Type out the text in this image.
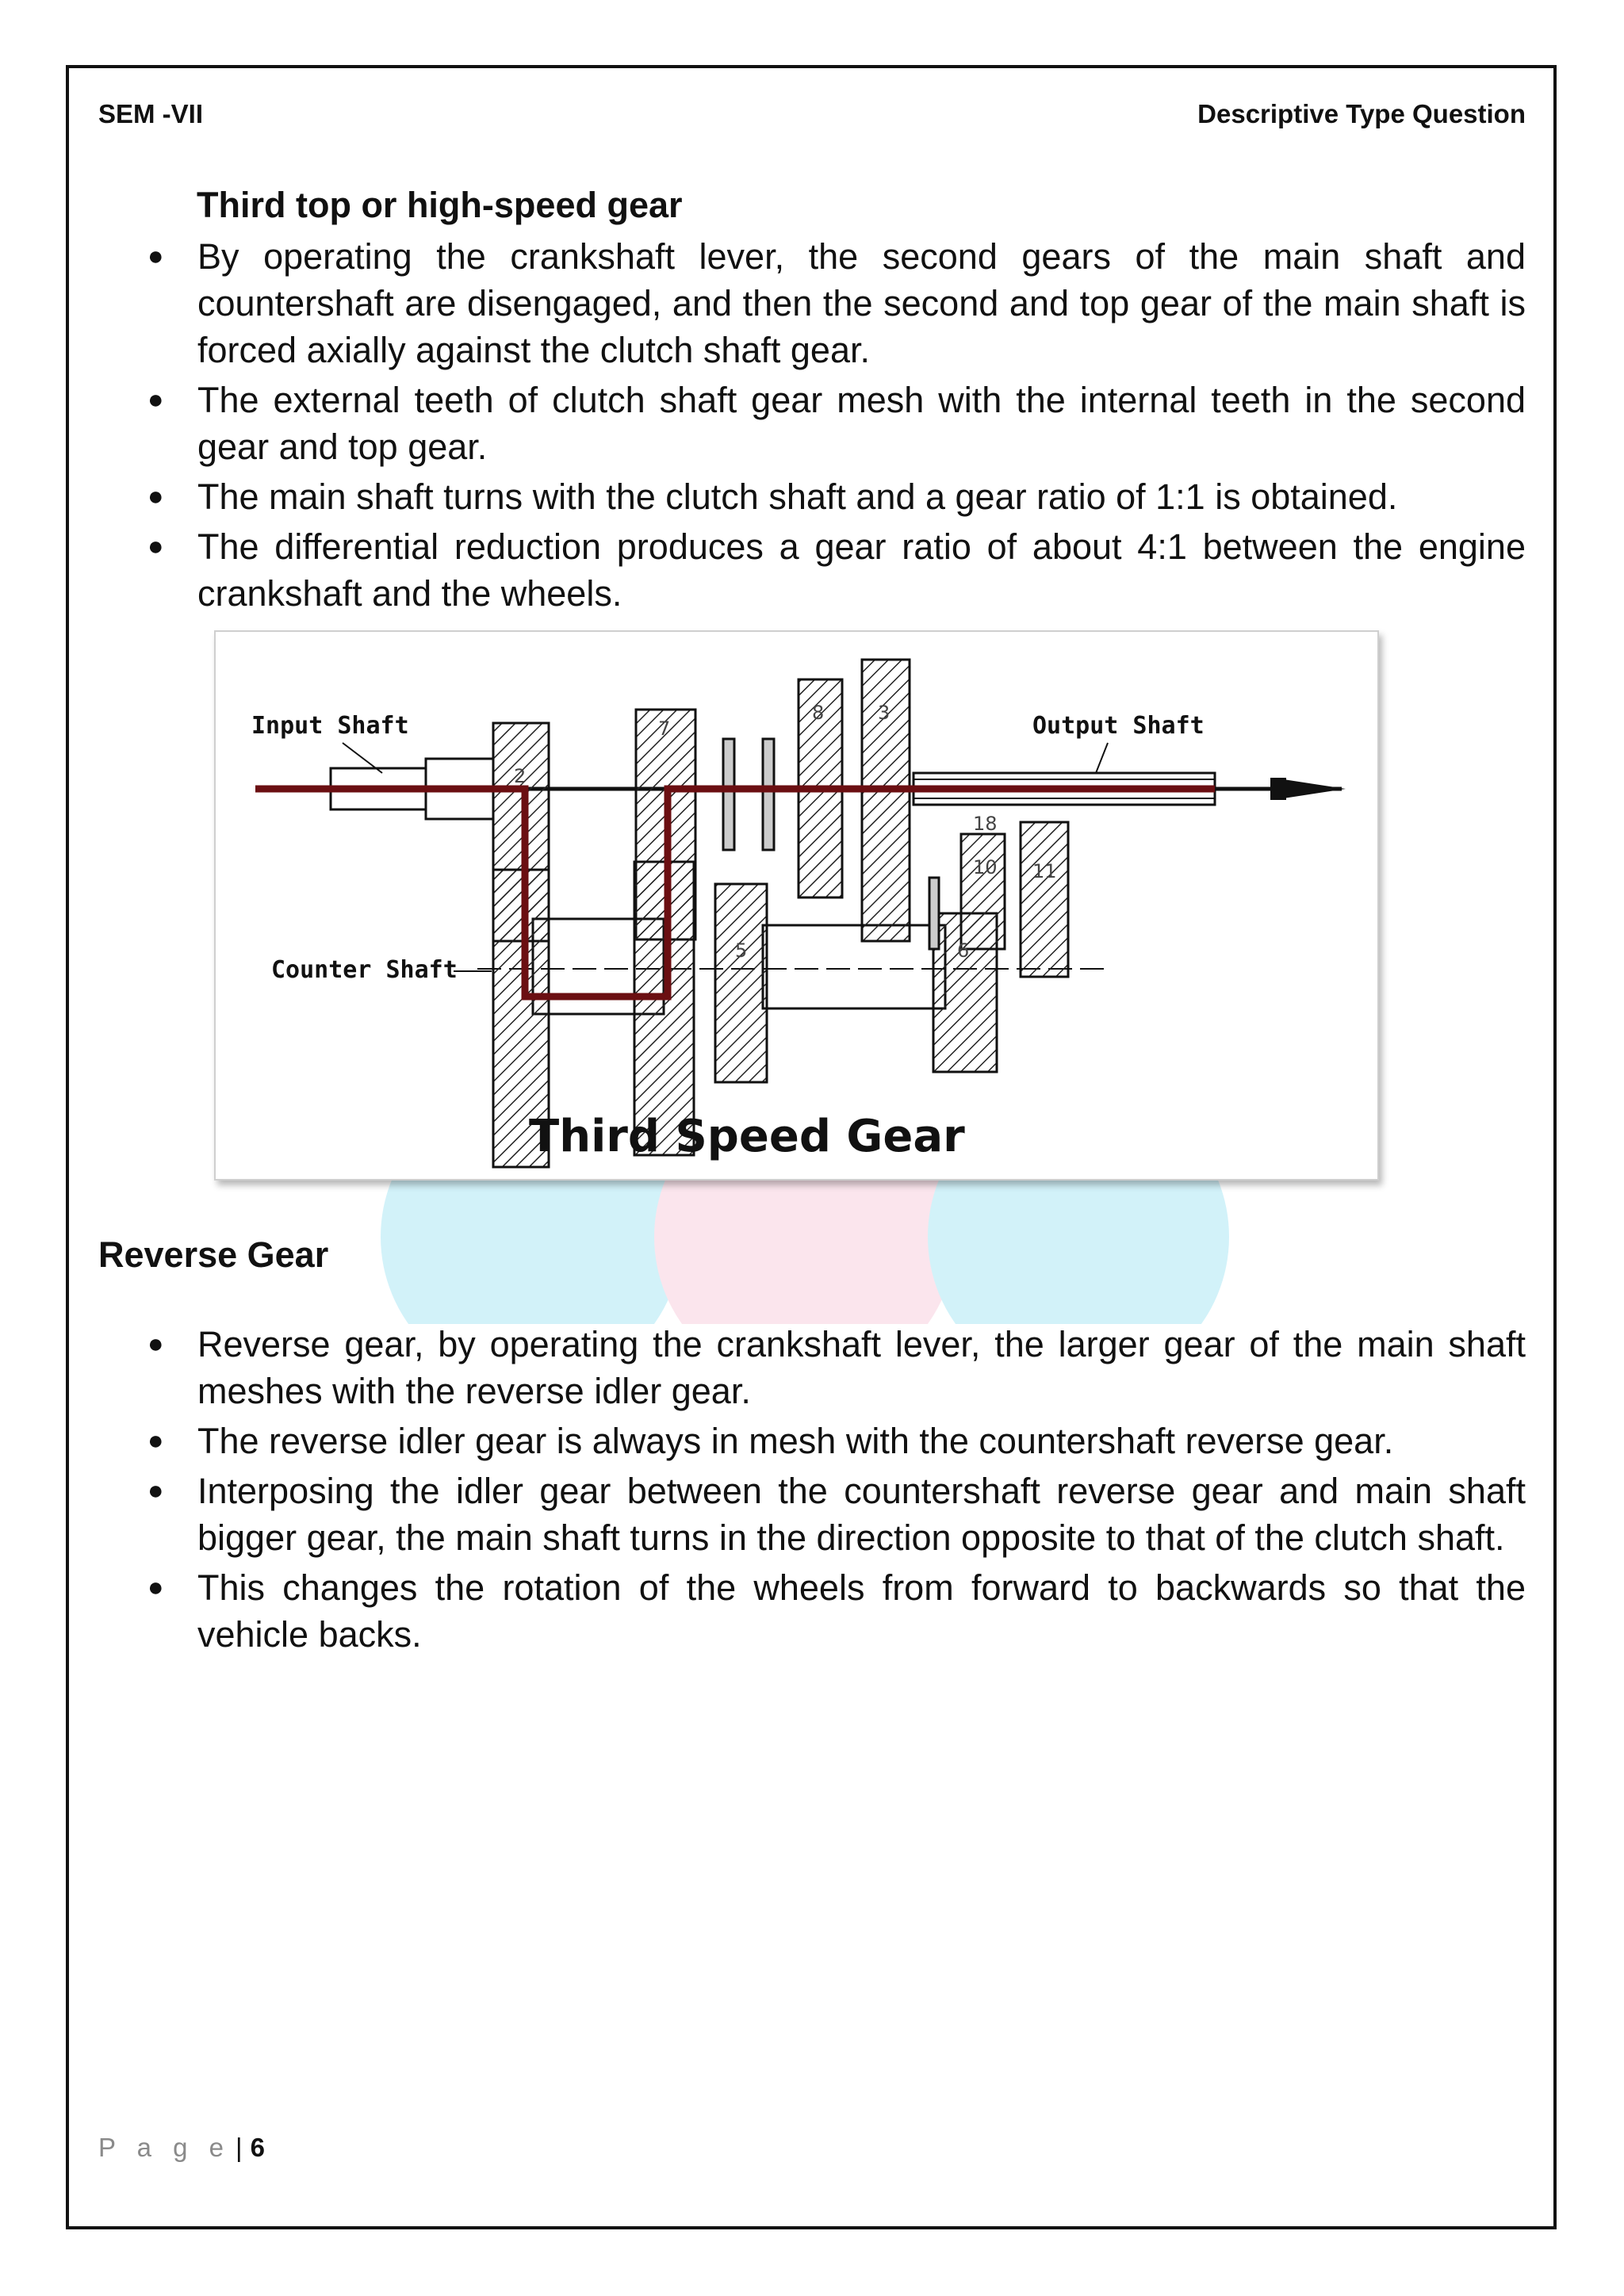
SEM -VII	Descriptive Type Question
Third top or high-speed gear
● By operating the crankshaft lever, the second gears of the main shaft and countershaft are disengaged, and then the second and top gear of the main shaft is forced axially against the clutch shaft gear.
● The external teeth of clutch shaft gear mesh with the internal teeth in the second gear and top gear.
● The main shaft turns with the clutch shaft and a gear ratio of 1:1 is obtained.
● The differential reduction produces a gear ratio of about 4:1 between the engine crankshaft and the wheels.
Input Shaft	Output Shaft
Counter Shaft
2
7
8	3
5	6
18
10 11
Third Speed Gear
Reverse Gear
● Reverse gear, by operating the crankshaft lever, the larger gear of the main shaft meshes with the reverse idler gear.
● The reverse idler gear is always in mesh with the countershaft reverse gear.
● Interposing the idler gear between the countershaft reverse gear and main shaft bigger gear, the main shaft turns in the direction opposite to that of the clutch shaft.
● This changes the rotation of the wheels from forward to backwards so that the vehicle backs.
P a g e | 6
